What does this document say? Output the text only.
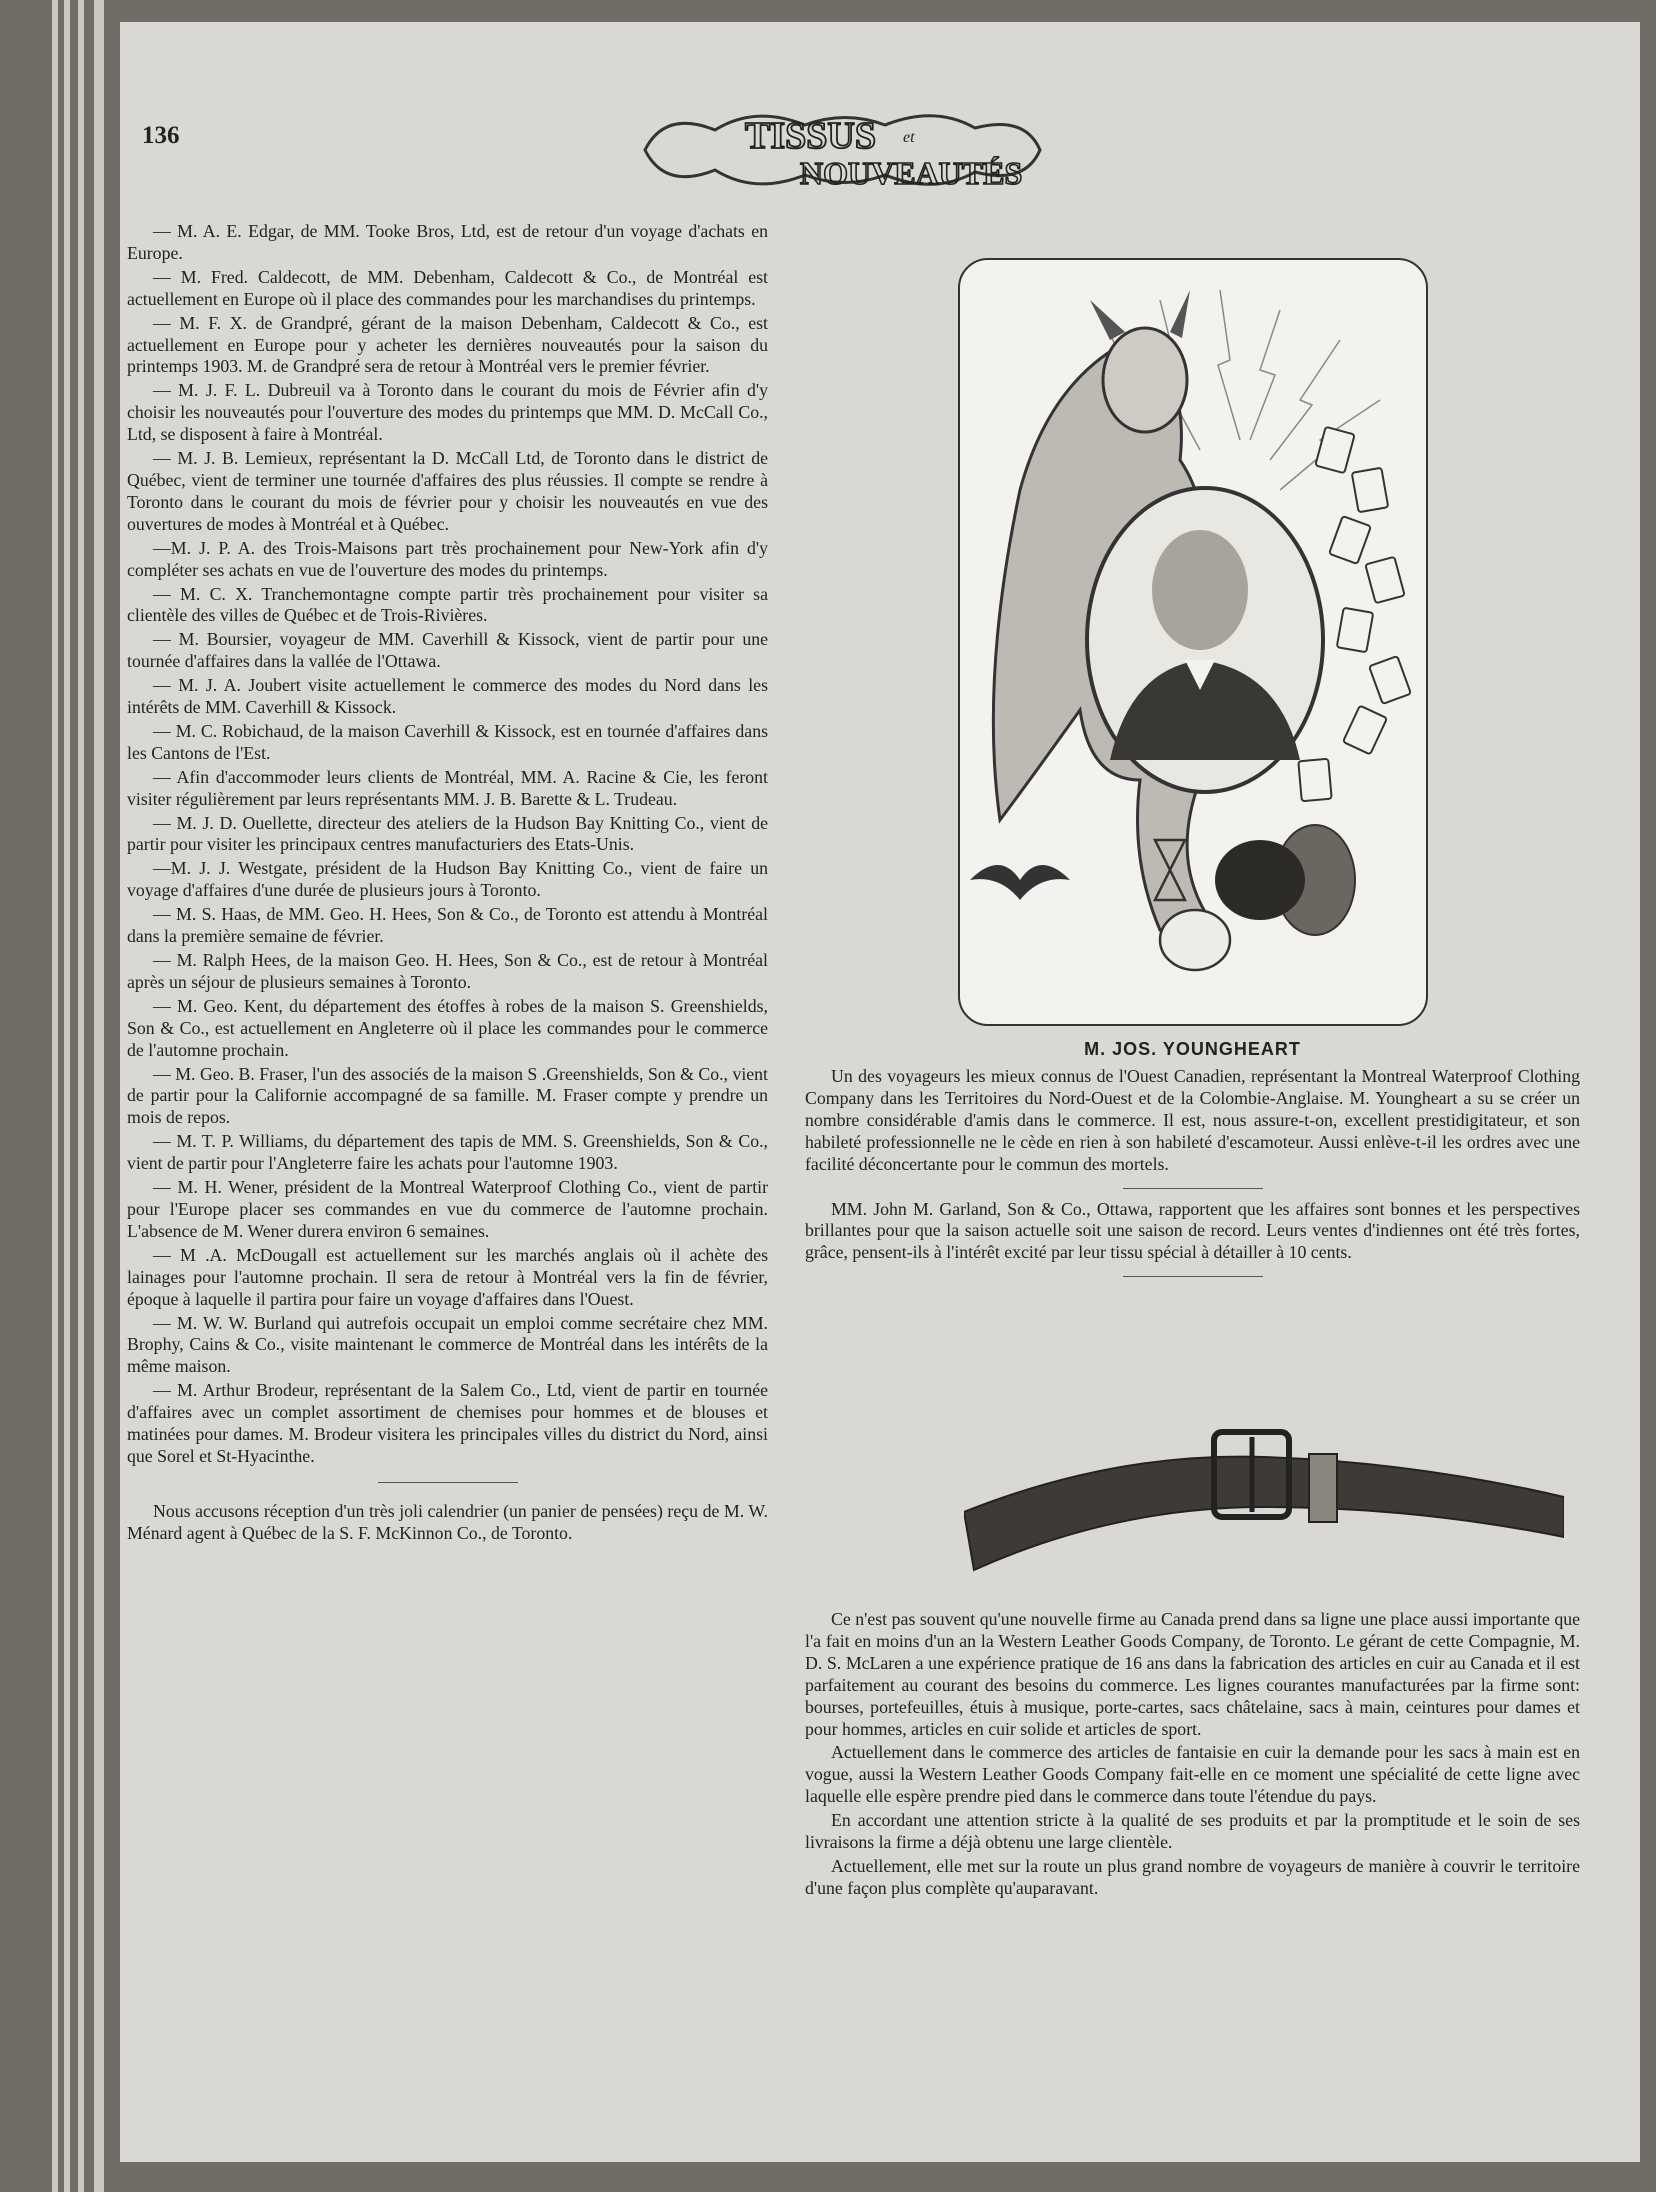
136	TISSUS et
NOUVEAUTÉS

— M. A. E. Edgar, de MM. Tooke Bros, Ltd, est de retour d'un voyage d'achats en Europe.

— M. Fred. Caldecott, de MM. Debenham, Caldecott & Co., de Montréal est actuellement en Europe où il place des commandes pour les marchandises du printemps.

— M. F. X. de Grandpré, gérant de la maison Debenham, Caldecott & Co., est actuellement en Europe pour y acheter les dernières nouveautés pour la saison du printemps 1903. M. de Grandpré sera de retour à Montréal vers le premier février.

— M. J. F. L. Dubreuil va à Toronto dans le courant du mois de Février afin d'y choisir les nouveautés pour l'ouverture des modes du printemps que MM. D. McCall Co., Ltd, se disposent à faire à Montréal.

— M. J. B. Lemieux, représentant la D. McCall Ltd, de Toronto dans le district de Québec, vient de terminer une tournée d'affaires des plus réussies. Il compte se rendre à Toronto dans le courant du mois de février pour y choisir les nouveautés en vue des ouvertures de modes à Montréal et à Québec.

—M. J. P. A. des Trois-Maisons part très prochainement pour New-York afin d'y compléter ses achats en vue de l'ouverture des modes du printemps.

— M. C. X. Tranchemontagne compte partir très prochainement pour visiter sa clientèle des villes de Québec et de Trois-Rivières.

— M. Boursier, voyageur de MM. Caverhill & Kissock, vient de partir pour une tournée d'affaires dans la vallée de l'Ottawa.

— M. J. A. Joubert visite actuellement le commerce des modes du Nord dans les intérêts de MM. Caverhill & Kissock.

— M. C. Robichaud, de la maison Caverhill & Kissock, est en tournée d'affaires dans les Cantons de l'Est.

— Afin d'accommoder leurs clients de Montréal, MM. A. Racine & Cie, les feront visiter régulièrement par leurs représentants MM. J. B. Barette & L. Trudeau.

— M. J. D. Ouellette, directeur des ateliers de la Hudson Bay Knitting Co., vient de partir pour visiter les principaux centres manufacturiers des Etats-Unis.

—M. J. J. Westgate, président de la Hudson Bay Knitting Co., vient de faire un voyage d'affaires d'une durée de plusieurs jours à Toronto.

— M. S. Haas, de MM. Geo. H. Hees, Son & Co., de Toronto est attendu à Montréal dans la première semaine de février.

— M. Ralph Hees, de la maison Geo. H. Hees, Son & Co., est de retour à Montréal après un séjour de plusieurs semaines à Toronto.

— M. Geo. Kent, du département des étoffes à robes de la maison S. Greenshields, Son & Co., est actuellement en Angleterre où il place les commandes pour le commerce de l'automne prochain.

— M. Geo. B. Fraser, l'un des associés de la maison S .Greenshields, Son & Co., vient de partir pour la Californie accompagné de sa famille. M. Fraser compte y prendre un mois de repos.

— M. T. P. Williams, du département des tapis de MM. S. Greenshields, Son & Co., vient de partir pour l'Angleterre faire les achats pour l'automne 1903.

— M. H. Wener, président de la Montreal Waterproof Clothing Co., vient de partir pour l'Europe placer ses commandes en vue du commerce de l'automne prochain. L'absence de M. Wener durera environ 6 semaines.

— M .A. McDougall est actuellement sur les marchés anglais où il achète des lainages pour l'automne prochain. Il sera de retour à Montréal vers la fin de février, époque à laquelle il partira pour faire un voyage d'affaires dans l'Ouest.

— M. W. W. Burland qui autrefois occupait un emploi comme secrétaire chez MM. Brophy, Cains & Co., visite maintenant le commerce de Montréal dans les intérêts de la même maison.

— M. Arthur Brodeur, représentant de la Salem Co., Ltd, vient de partir en tournée d'affaires avec un complet assortiment de chemises pour hommes et de blouses et matinées pour dames. M. Brodeur visitera les principales villes du district du Nord, ainsi que Sorel et St-Hyacinthe.

Nous accusons réception d'un très joli calendrier (un panier de pensées) reçu de M. W. Ménard agent à Québec de la S. F. McKinnon Co., de Toronto.

M. JOS. YOUNGHEART

Un des voyageurs les mieux connus de l'Ouest Canadien, représentant la Montreal Waterproof Clothing Company dans les Territoires du Nord-Ouest et de la Colombie-Anglaise. M. Youngheart a su se créer un nombre considérable d'amis dans le commerce. Il est, nous assure-t-on, excellent prestidigitateur, et son habileté professionnelle ne le cède en rien à son habileté d'escamoteur. Aussi enlève-t-il les ordres avec une facilité déconcertante pour le commun des mortels.

MM. John M. Garland, Son & Co., Ottawa, rapportent que les affaires sont bonnes et les perspectives brillantes pour que la saison actuelle soit une saison de record. Leurs ventes d'indiennes ont été très fortes, grâce, pensent-ils à l'intérêt excité par leur tissu spécial à détailler à 10 cents.

Ce n'est pas souvent qu'une nouvelle firme au Canada prend dans sa ligne une place aussi importante que l'a fait en moins d'un an la Western Leather Goods Company, de Toronto. Le gérant de cette Compagnie, M. D. S. McLaren a une expérience pratique de 16 ans dans la fabrication des articles en cuir au Canada et il est parfaitement au courant des besoins du commerce. Les lignes courantes manufacturées par la firme sont: bourses, portefeuilles, étuis à musique, porte-cartes, sacs châtelaine, sacs à main, ceintures pour dames et pour hommes, articles en cuir solide et articles de sport.

Actuellement dans le commerce des articles de fantaisie en cuir la demande pour les sacs à main est en vogue, aussi la Western Leather Goods Company fait-elle en ce moment une spécialité de cette ligne avec laquelle elle espère prendre pied dans le commerce dans toute l'étendue du pays.

En accordant une attention stricte à la qualité de ses produits et par la promptitude et le soin de ses livraisons la firme a déjà obtenu une large clientèle.

Actuellement, elle met sur la route un plus grand nombre de voyageurs de manière à couvrir le territoire d'une façon plus complète qu'auparavant.
